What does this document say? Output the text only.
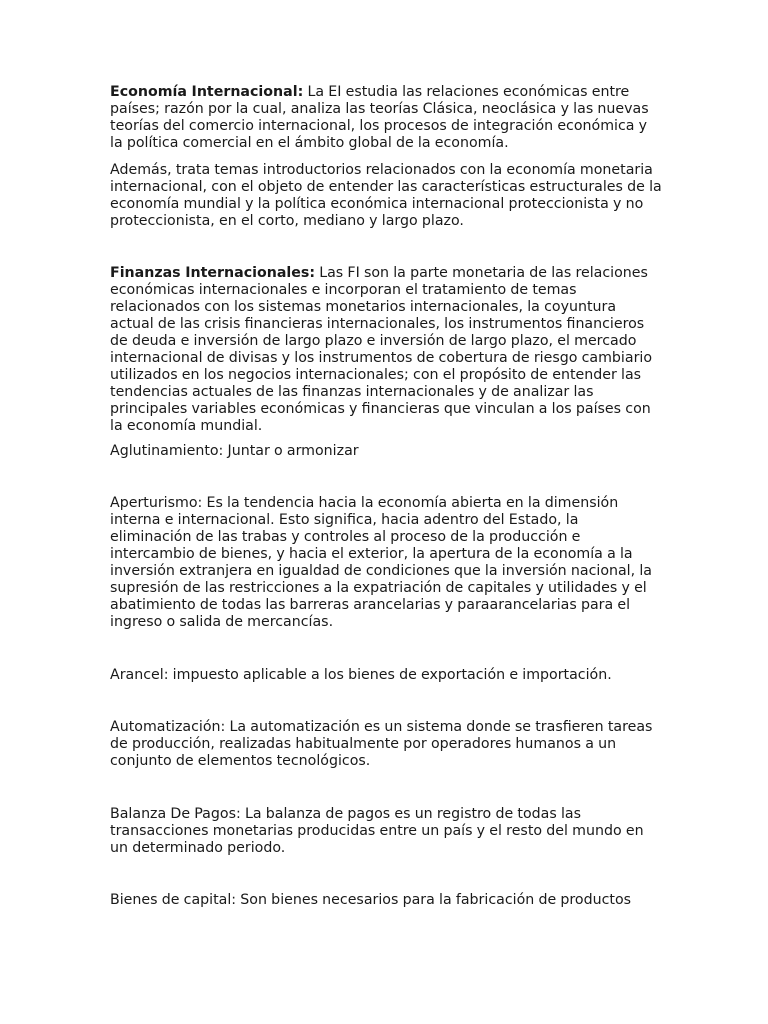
Economía Internacional: La EI estudia las relaciones económicas entre países; razón por la cual, analiza las teorías Clásica, neoclásica y las nuevas teorías del comercio internacional, los procesos de integración económica y la política comercial en el ámbito global de la economía.

Además, trata temas introductorios relacionados con la economía monetaria internacional, con el objeto de entender las características estructurales de la economía mundial y la política económica internacional proteccionista y no proteccionista, en el corto, mediano y largo plazo.

Finanzas Internacionales: Las FI son la parte monetaria de las relaciones económicas internacionales e incorporan el tratamiento de temas relacionados con los sistemas monetarios internacionales, la coyuntura actual de las crisis financieras internacionales, los instrumentos financieros de deuda e inversión de largo plazo e inversión de largo plazo, el mercado internacional de divisas y los instrumentos de cobertura de riesgo cambiario utilizados en los negocios internacionales; con el propósito de entender las tendencias actuales de las finanzas internacionales y de analizar las principales variables económicas y financieras que vinculan a los países con la economía mundial.

Aglutinamiento: Juntar o armonizar

Aperturismo: Es la tendencia hacia la economía abierta en la dimensión interna e internacional. Esto significa, hacia adentro del Estado, la eliminación de las trabas y controles al proceso de la producción e intercambio de bienes, y hacia el exterior, la apertura de la economía a la inversión extranjera en igualdad de condiciones que la inversión nacional, la supresión de las restricciones a la expatriación de capitales y utilidades y el abatimiento de todas las barreras arancelarias y paraarancelarias para el ingreso o salida de mercancías.

Arancel: impuesto aplicable a los bienes de exportación e importación.

Automatización: La automatización es un sistema donde se trasfieren tareas de producción, realizadas habitualmente por operadores humanos a un conjunto de elementos tecnológicos.

Balanza De Pagos: La balanza de pagos es un registro de todas las transacciones monetarias producidas entre un país y el resto del mundo en un determinado periodo.

Bienes de capital: Son bienes necesarios para la fabricación de productos
